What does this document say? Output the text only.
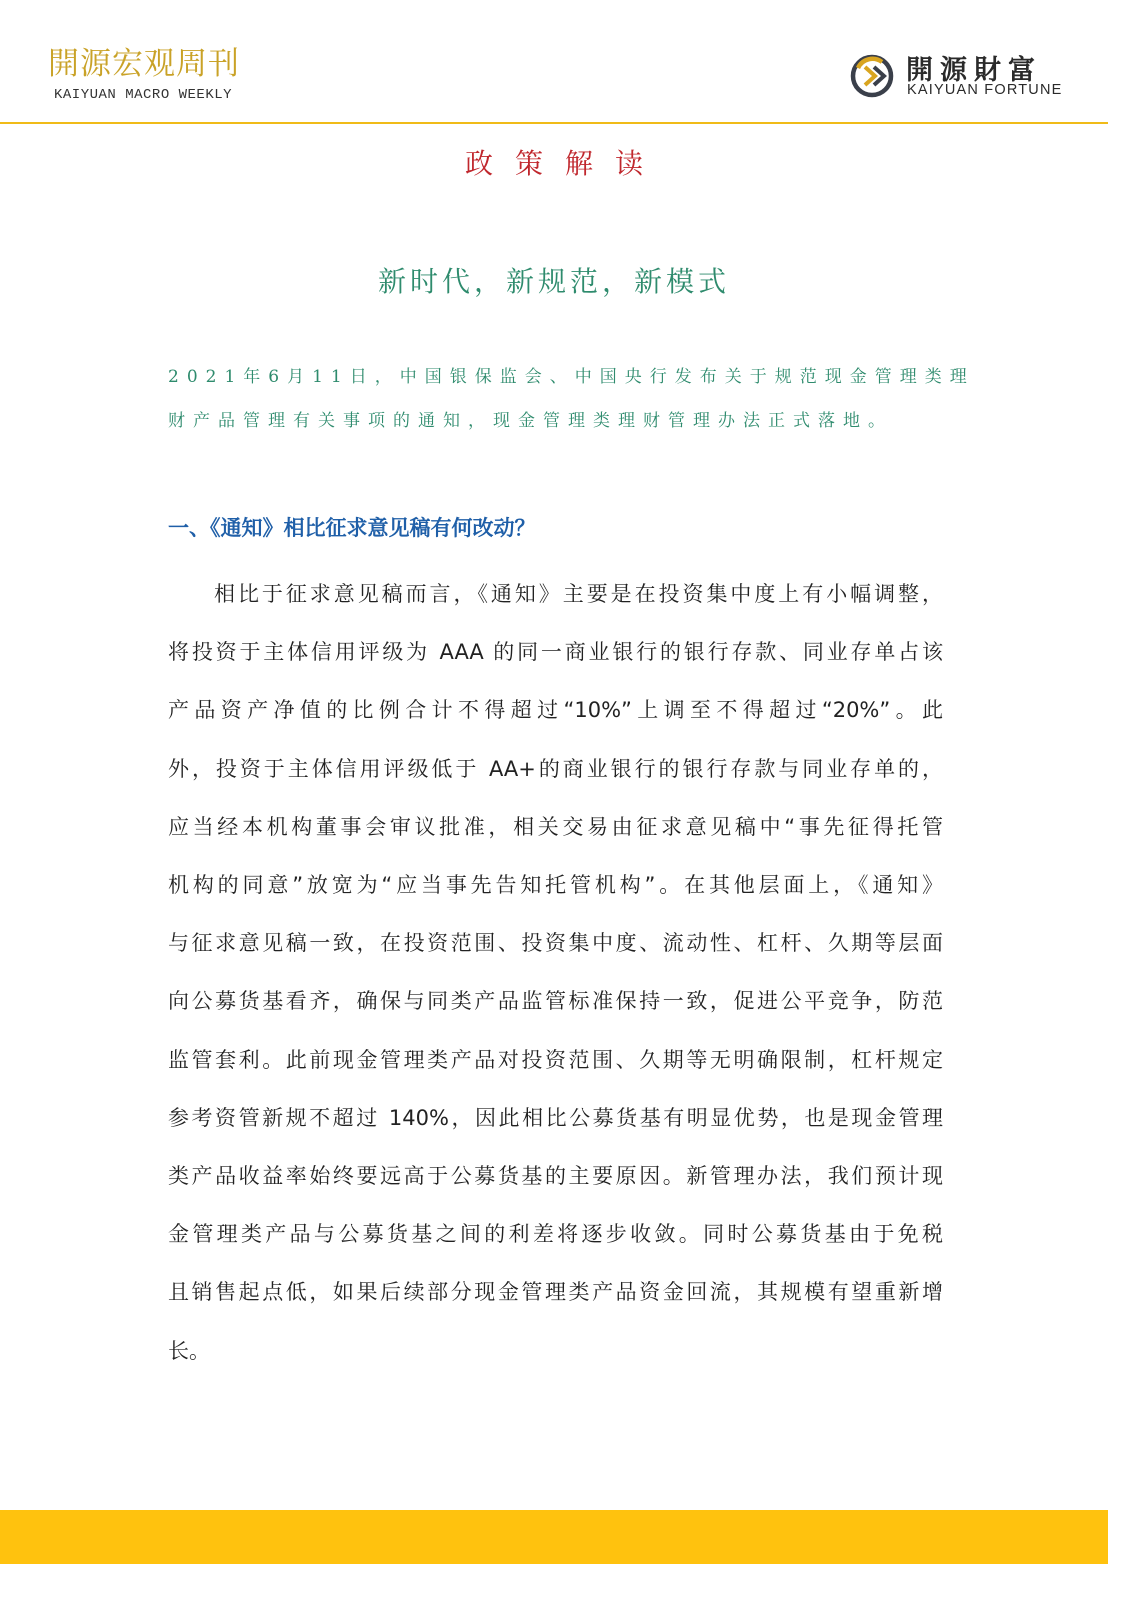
開源宏观周刊
KAIYUAN MACRO WEEKLY
開源財富
KAIYUAN FORTUNE
政策解读
新时代，新规范，新模式
2021年6月11日，中国银保监会、中国央行发布关于规范现金管理类理
财产品管理有关事项的通知，现金管理类理财管理办法正式落地。
一、《通知》相比征求意见稿有何改动？
相比于征求意见稿而言，《通知》主要是在投资集中度上有小幅调整，
将投资于主体信用评级为 AAA 的同一商业银行的银行存款、同业存单占该
产品资产净值的比例合计不得超过“10%”上调至不得超过“20%”。此
外，投资于主体信用评级低于 AA+的商业银行的银行存款与同业存单的，
应当经本机构董事会审议批准，相关交易由征求意见稿中“事先征得托管
机构的同意”放宽为“应当事先告知托管机构”。在其他层面上，《通知》
与征求意见稿一致，在投资范围、投资集中度、流动性、杠杆、久期等层面
向公募货基看齐，确保与同类产品监管标准保持一致，促进公平竞争，防范
监管套利。此前现金管理类产品对投资范围、久期等无明确限制，杠杆规定
参考资管新规不超过 140%，因此相比公募货基有明显优势，也是现金管理
类产品收益率始终要远高于公募货基的主要原因。新管理办法，我们预计现
金管理类产品与公募货基之间的利差将逐步收敛。同时公募货基由于免税
且销售起点低，如果后续部分现金管理类产品资金回流，其规模有望重新增
长。
